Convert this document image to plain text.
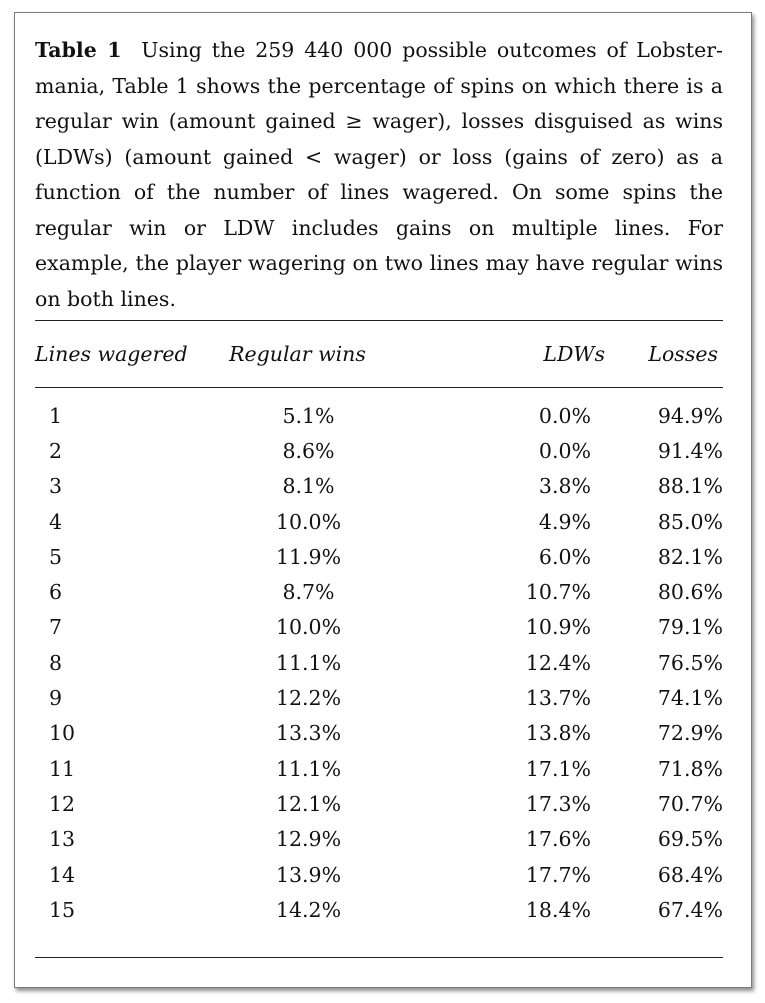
Table 1 Using the 259 440 000 possible outcomes of Lobster-mania, Table 1 shows the percentage of spins on which there is a regular win (amount gained ≥ wager), losses disguised as wins (LDWs) (amount gained < wager) or loss (gains of zero) as a function of the number of lines wagered. On some spins the regular win or LDW includes gains on multiple lines. For example, the player wagering on two lines may have regular wins on both lines.

Lines wagered	Regular wins	LDWs	Losses
1	5.1%	0.0%	94.9%
2	8.6%	0.0%	91.4%
3	8.1%	3.8%	88.1%
4	10.0%	4.9%	85.0%
5	11.9%	6.0%	82.1%
6	8.7%	10.7%	80.6%
7	10.0%	10.9%	79.1%
8	11.1%	12.4%	76.5%
9	12.2%	13.7%	74.1%
10	13.3%	13.8%	72.9%
11	11.1%	17.1%	71.8%
12	12.1%	17.3%	70.7%
13	12.9%	17.6%	69.5%
14	13.9%	17.7%	68.4%
15	14.2%	18.4%	67.4%
